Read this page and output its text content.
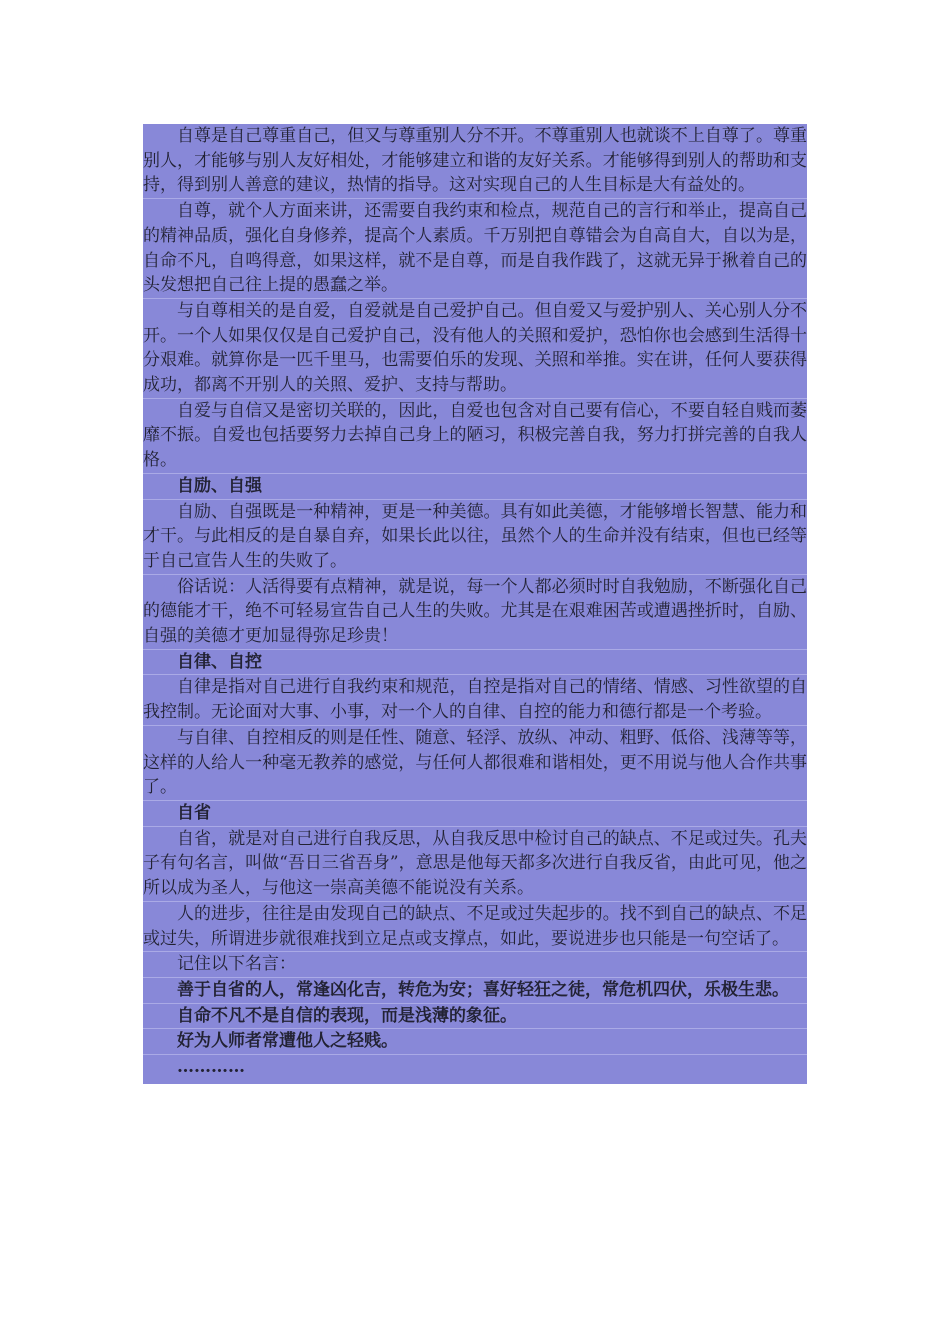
自尊是自己尊重自己，但又与尊重别人分不开。不尊重别人也就谈不上自尊了。尊重别人，才能够与别人友好相处，才能够建立和谐的友好关系。才能够得到别人的帮助和支持，得到别人善意的建议，热情的指导。这对实现自己的人生目标是大有益处的。

自尊，就个人方面来讲，还需要自我约束和检点，规范自己的言行和举止，提高自己的精神品质，强化自身修养，提高个人素质。千万别把自尊错会为自高自大，自以为是，自命不凡，自鸣得意，如果这样，就不是自尊，而是自我作践了，这就无异于揪着自己的头发想把自己往上提的愚蠢之举。

与自尊相关的是自爱，自爱就是自己爱护自己。但自爱又与爱护别人、关心别人分不开。一个人如果仅仅是自己爱护自己，没有他人的关照和爱护，恐怕你也会感到生活得十分艰难。就算你是一匹千里马，也需要伯乐的发现、关照和举推。实在讲，任何人要获得成功，都离不开别人的关照、爱护、支持与帮助。

自爱与自信又是密切关联的，因此，自爱也包含对自己要有信心，不要自轻自贱而萎靡不振。自爱也包括要努力去掉自己身上的陋习，积极完善自我，努力打拼完善的自我人格。

自励、自强

自励、自强既是一种精神，更是一种美德。具有如此美德，才能够增长智慧、能力和才干。与此相反的是自暴自弃，如果长此以往，虽然个人的生命并没有结束，但也已经等于自己宣告人生的失败了。

俗话说：人活得要有点精神，就是说，每一个人都必须时时自我勉励，不断强化自己的德能才干，绝不可轻易宣告自己人生的失败。尤其是在艰难困苦或遭遇挫折时，自励、自强的美德才更加显得弥足珍贵！

自律、自控

自律是指对自己进行自我约束和规范，自控是指对自己的情绪、情感、习性欲望的自我控制。无论面对大事、小事，对一个人的自律、自控的能力和德行都是一个考验。

与自律、自控相反的则是任性、随意、轻浮、放纵、冲动、粗野、低俗、浅薄等等，这样的人给人一种毫无教养的感觉，与任何人都很难和谐相处，更不用说与他人合作共事了。

自省

自省，就是对自己进行自我反思，从自我反思中检讨自己的缺点、不足或过失。孔夫子有句名言，叫做“吾日三省吾身”，意思是他每天都多次进行自我反省，由此可见，他之所以成为圣人，与他这一崇高美德不能说没有关系。

人的进步，往往是由发现自己的缺点、不足或过失起步的。找不到自己的缺点、不足或过失，所谓进步就很难找到立足点或支撑点，如此，要说进步也只能是一句空话了。

记住以下名言：

善于自省的人，常逢凶化吉，转危为安；喜好轻狂之徒，常危机四伏，乐极生悲。

自命不凡不是自信的表现，而是浅薄的象征。

好为人师者常遭他人之轻贱。

…………
